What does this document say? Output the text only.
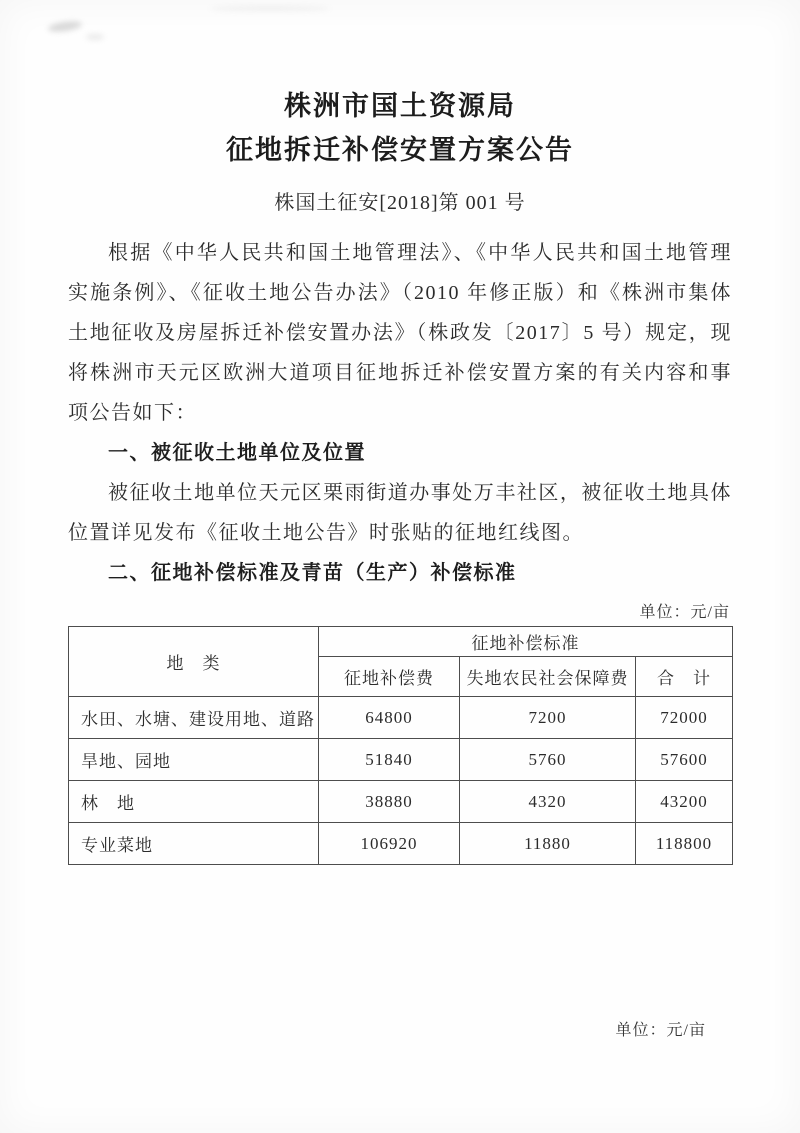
株洲市国土资源局
征地拆迁补偿安置方案公告
株国土征安[2018]第 001 号
根据《中华人民共和国土地管理法》、《中华人民共和国土地管理实施条例》、《征收土地公告办法》（2010 年修正版）和《株洲市集体土地征收及房屋拆迁补偿安置办法》（株政发〔2017〕5 号）规定，现将株洲市天元区欧洲大道项目征地拆迁补偿安置方案的有关内容和事项公告如下：
一、被征收土地单位及位置
被征收土地单位天元区栗雨街道办事处万丰社区，被征收土地具体位置详见发布《征收土地公告》时张贴的征地红线图。
二、征地补偿标准及青苗（生产）补偿标准
单位：元/亩
地　类	征地补偿标准		
	征地补偿费	失地农民社会保障费	合　计
水田、水塘、建设用地、道路	64800	7200	72000
旱地、园地	51840	5760	57600
林　地	38880	4320	43200
专业菜地	106920	11880	118800
单位：元/亩
